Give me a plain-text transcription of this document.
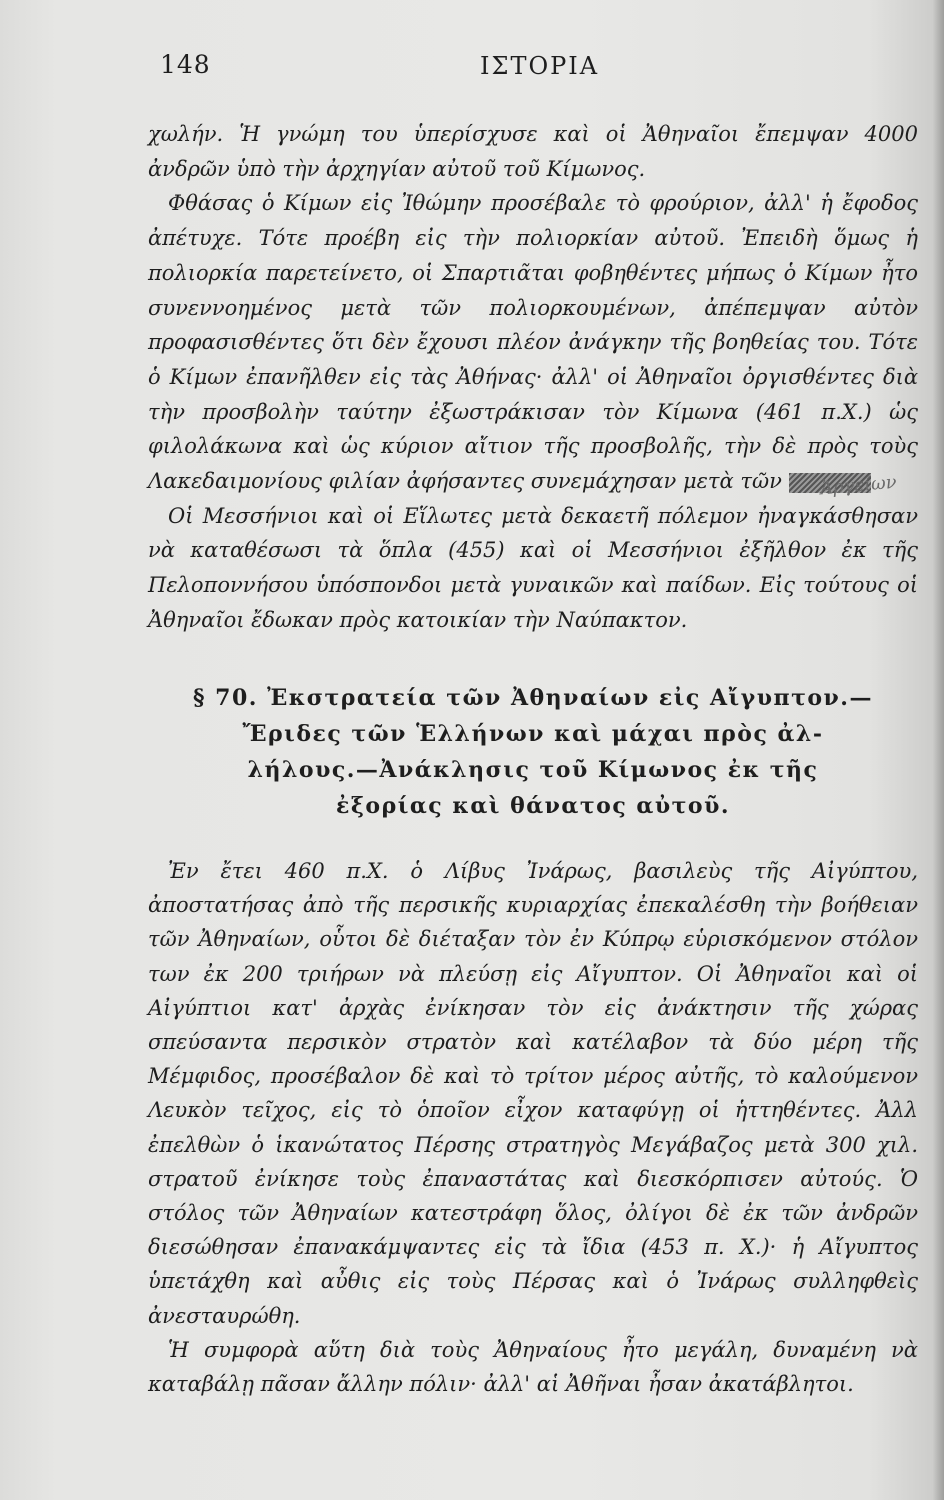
148	ΙΣΤΟΡΙΑ

χωλήν. Ἡ γνώμη του ὑπερίσχυσε καὶ οἱ Ἀθηναῖοι ἔπεμψαν 4000 ἀνδρῶν ὑπὸ τὴν ἀρχηγίαν αὐτοῦ τοῦ Κίμωνος.

Φθάσας ὁ Κίμων εἰς Ἰθώμην προσέβαλε τὸ φρούριον, ἀλλ' ἡ ἔφοδος ἀπέτυχε. Τότε προέβη εἰς τὴν πολιορκίαν αὐτοῦ. Ἐπειδὴ ὅμως ἡ πολιορκία παρετείνετο, οἱ Σπαρτιᾶται φοβηθέντες μήπως ὁ Κίμων ἦτο συνεννοημένος μετὰ τῶν πολιορκουμένων, ἀπέπεμψαν αὐτὸν προφασισθέντες ὅτι δὲν ἔχουσι πλέον ἀνάγκην τῆς βοηθείας του. Τότε ὁ Κίμων ἐπανῆλθεν εἰς τὰς Ἀθήνας· ἀλλ' οἱ Ἀθηναῖοι ὀργισθέντες διὰ τὴν προσβολὴν ταύτην ἐξωστράκισαν τὸν Κίμωνα (461 π.Χ.) ὡς φιλολάκωνα καὶ ὡς κύριον αἴτιον τῆς προσβολῆς, τὴν δὲ πρὸς τοὺς Λακεδαιμονίους φιλίαν ἀφήσαντες συνεμάχησαν μετὰ τῶν

Οἱ Μεσσήνιοι καὶ οἱ Εἵλωτες μετὰ δεκαετῆ πόλεμον ἠναγκάσθησαν νὰ καταθέσωσι τὰ ὅπλα (455) καὶ οἱ Μεσσήνιοι ἐξῆλθον ἐκ τῆς Πελοποννήσου ὑπόσπονδοι μετὰ γυναικῶν καὶ παίδων. Εἰς τούτους οἱ Ἀθηναῖοι ἔδωκαν πρὸς κατοικίαν τὴν Ναύπακτον.

Ἀργείων
§ 70. Ἐκστρατεία τῶν Ἀθηναίων εἰς Αἴγυπτον.—
Ἔριδες τῶν Ἑλλήνων καὶ μάχαι πρὸς ἀλ-
λήλους.—Ἀνάκλησις τοῦ Κίμωνος ἐκ τῆς
ἐξορίας καὶ θάνατος αὐτοῦ.

Ἐν ἔτει 460 π.Χ. ὁ Λίβυς Ἰνάρως, βασιλεὺς τῆς Αἰγύπτου, ἀποστατήσας ἀπὸ τῆς περσικῆς κυριαρχίας ἐπεκαλέσθη τὴν βοήθειαν τῶν Ἀθηναίων, οὗτοι δὲ διέταξαν τὸν ἐν Κύπρῳ εὑρισκόμενον στόλον των ἐκ 200 τριήρων νὰ πλεύσῃ εἰς Αἴγυπτον. Οἱ Ἀθηναῖοι καὶ οἱ Αἰγύπτιοι κατ' ἀρχὰς ἐνίκησαν τὸν εἰς ἀνάκτησιν τῆς χώρας σπεύσαντα περσικὸν στρατὸν καὶ κατέλαβον τὰ δύο μέρη τῆς Μέμφιδος, προσέβαλον δὲ καὶ τὸ τρίτον μέρος αὐτῆς, τὸ καλούμενον Λευκὸν τεῖχος, εἰς τὸ ὁποῖον εἶχον καταφύγῃ οἱ ἡττηθέντες. Ἀλλ ἐπελθὼν ὁ ἱκανώτατος Πέρσης στρατηγὸς Μεγάβαζος μετὰ 300 χιλ. στρατοῦ ἐνίκησε τοὺς ἐπαναστάτας καὶ διεσκόρπισεν αὐτούς. Ὁ στόλος τῶν Ἀθηναίων κατεστράφη ὅλος, ὀλίγοι δὲ ἐκ τῶν ἀνδρῶν διεσώθησαν ἐπανακάμψαντες εἰς τὰ ἴδια (453 π. Χ.)· ἡ Αἴγυπτος ὑπετάχθη καὶ αὖθις εἰς τοὺς Πέρσας καὶ ὁ Ἰνάρως συλληφθεὶς ἀνεσταυρώθη.

Ἡ συμφορὰ αὕτη διὰ τοὺς Ἀθηναίους ἦτο μεγάλη, δυναμένη νὰ καταβάλῃ πᾶσαν ἄλλην πόλιν· ἀλλ' αἱ Ἀθῆναι ἦσαν ἀκατάβλητοι.
